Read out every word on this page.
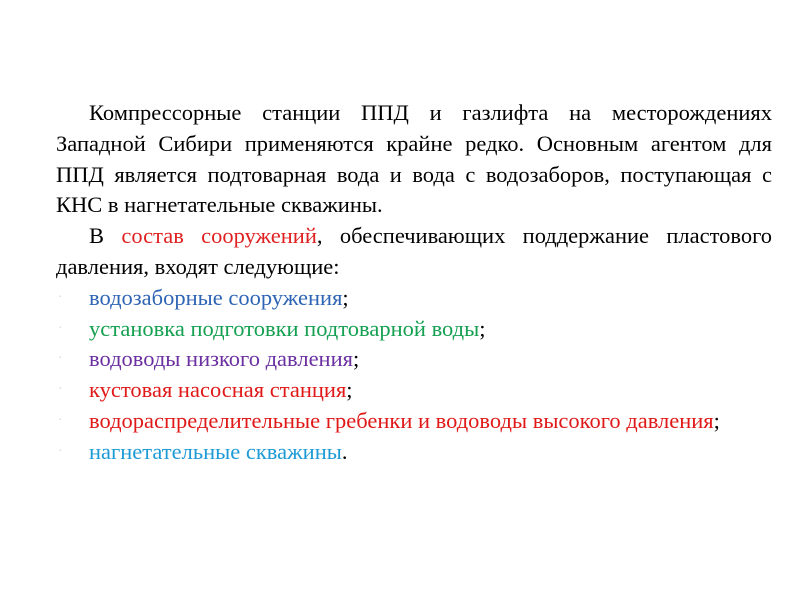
Компрессорные станции ППД и газлифта на месторождениях Западной Сибири применяются крайне редко. Основным агентом для ППД является подтоварная вода и вода с водозаборов, поступающая с КНС в нагнетательные скважины.

В состав сооружений, обеспечивающих поддержание пластового давления, входят следующие:

· водозаборные сооружения;
· установка подготовки подтоварной воды;
· водоводы низкого давления;
· кустовая насосная станция;
· водораспределительные гребенки и водоводы высокого давления;
· нагнетательные скважины.
